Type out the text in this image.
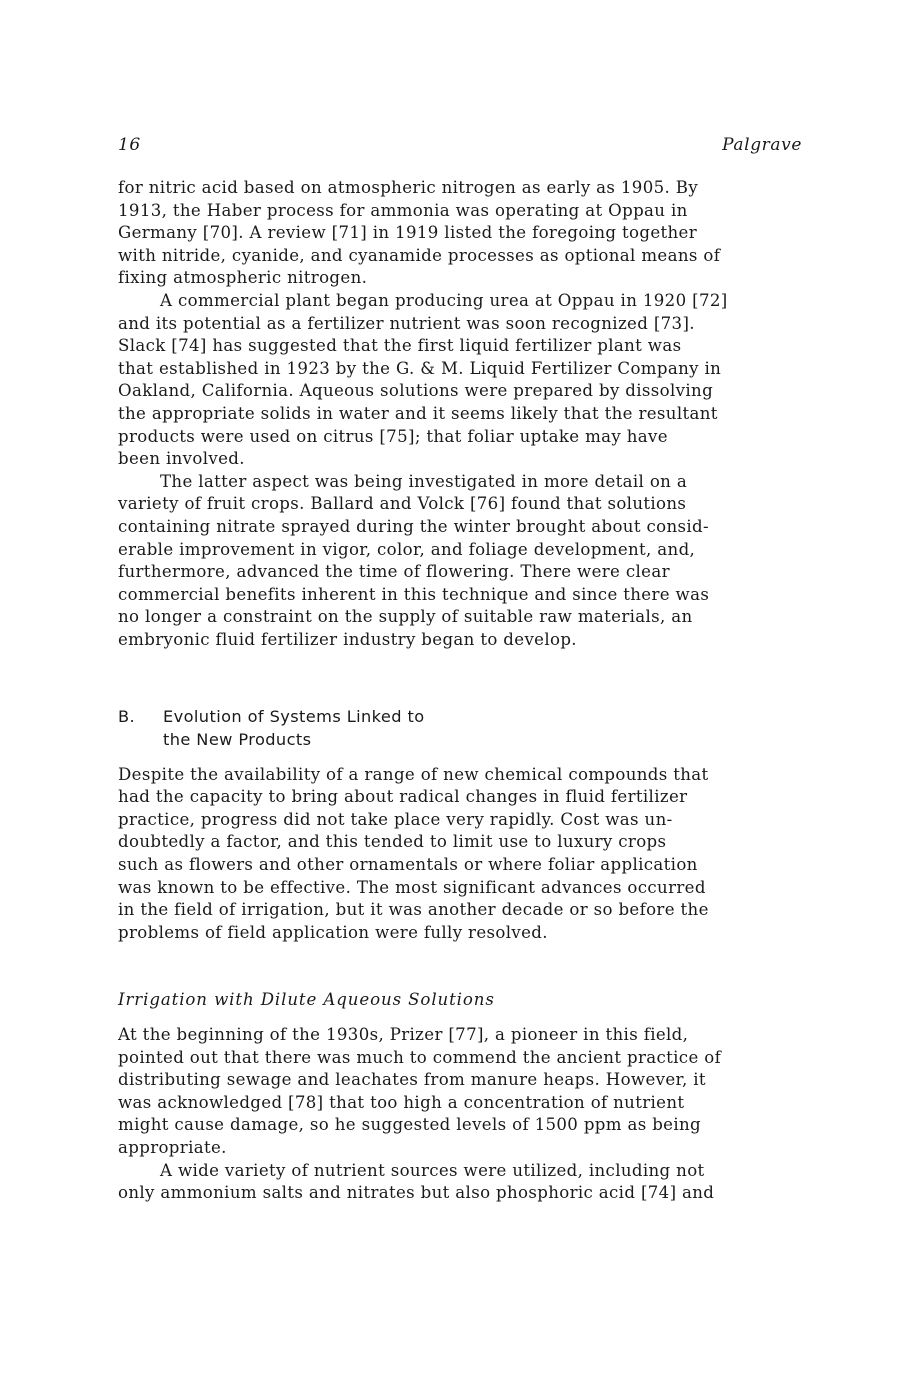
16	Palgrave
for nitric acid based on atmospheric nitrogen as early as 1905. By
1913, the Haber process for ammonia was operating at Oppau in
Germany [70]. A review [71] in 1919 listed the foregoing together
with nitride, cyanide, and cyanamide processes as optional means of
fixing atmospheric nitrogen.
A commercial plant began producing urea at Oppau in 1920 [72]
and its potential as a fertilizer nutrient was soon recognized [73].
Slack [74] has suggested that the first liquid fertilizer plant was
that established in 1923 by the G. & M. Liquid Fertilizer Company in
Oakland, California. Aqueous solutions were prepared by dissolving
the appropriate solids in water and it seems likely that the resultant
products were used on citrus [75]; that foliar uptake may have
been involved.
The latter aspect was being investigated in more detail on a
variety of fruit crops. Ballard and Volck [76] found that solutions
containing nitrate sprayed during the winter brought about consid-
erable improvement in vigor, color, and foliage development, and,
furthermore, advanced the time of flowering. There were clear
commercial benefits inherent in this technique and since there was
no longer a constraint on the supply of suitable raw materials, an
embryonic fluid fertilizer industry began to develop.
B.	Evolution of Systems Linked to
the New Products
Despite the availability of a range of new chemical compounds that
had the capacity to bring about radical changes in fluid fertilizer
practice, progress did not take place very rapidly. Cost was un-
doubtedly a factor, and this tended to limit use to luxury crops
such as flowers and other ornamentals or where foliar application
was known to be effective. The most significant advances occurred
in the field of irrigation, but it was another decade or so before the
problems of field application were fully resolved.
Irrigation with Dilute Aqueous Solutions
At the beginning of the 1930s, Prizer [77], a pioneer in this field,
pointed out that there was much to commend the ancient practice of
distributing sewage and leachates from manure heaps. However, it
was acknowledged [78] that too high a concentration of nutrient
might cause damage, so he suggested levels of 1500 ppm as being
appropriate.
A wide variety of nutrient sources were utilized, including not
only ammonium salts and nitrates but also phosphoric acid [74] and
